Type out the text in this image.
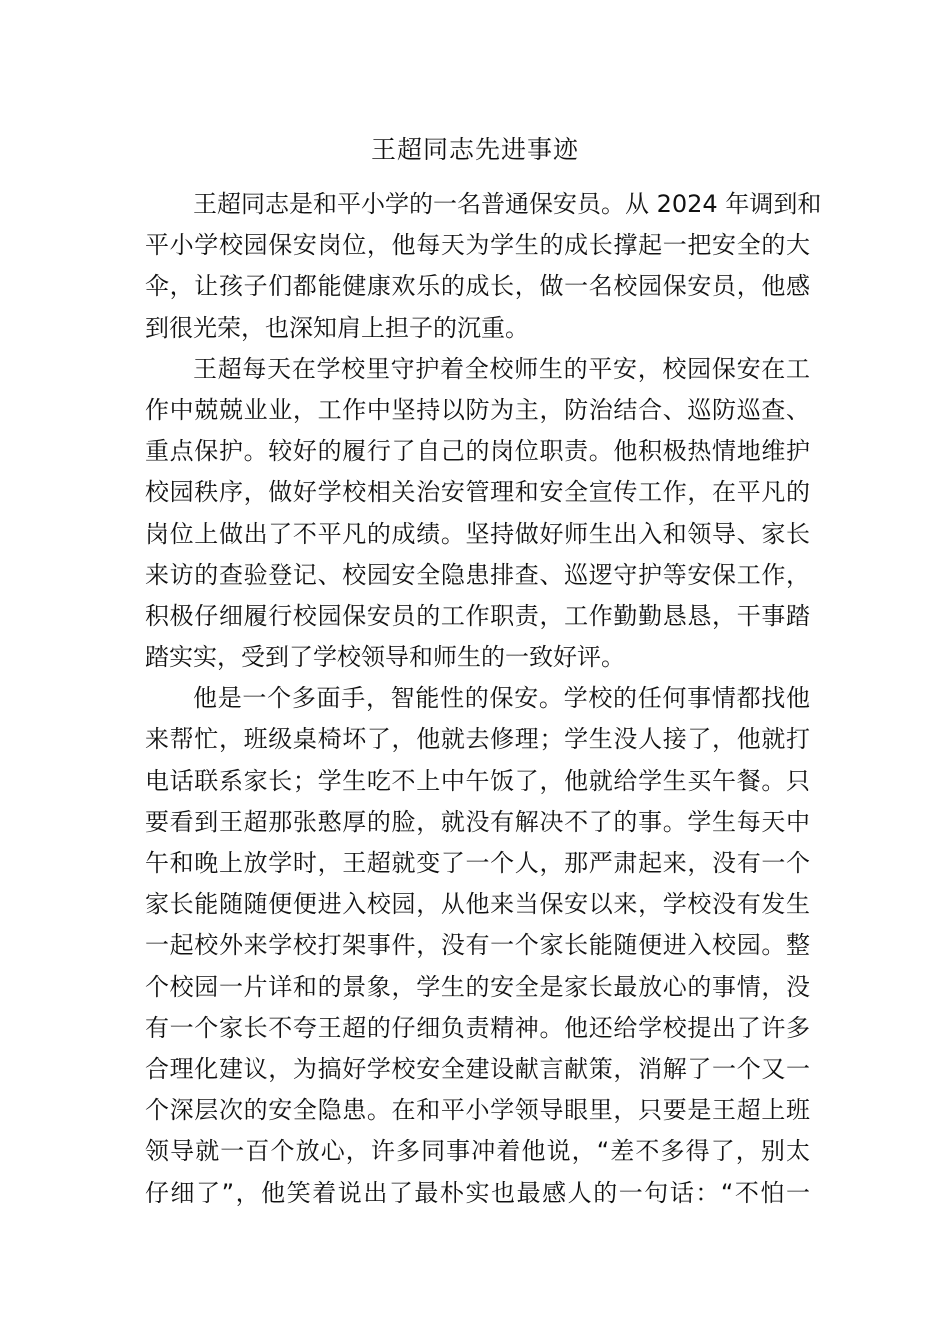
王超同志先进事迹
王超同志是和平小学的一名普通保安员。从 2024 年调到和
平小学校园保安岗位，他每天为学生的成长撑起一把安全的大
伞，让孩子们都能健康欢乐的成长，做一名校园保安员，他感
到很光荣，也深知肩上担子的沉重。
王超每天在学校里守护着全校师生的平安，校园保安在工
作中兢兢业业，工作中坚持以防为主，防治结合、巡防巡查、
重点保护。较好的履行了自己的岗位职责。他积极热情地维护
校园秩序，做好学校相关治安管理和安全宣传工作，在平凡的
岗位上做出了不平凡的成绩。坚持做好师生出入和领导、家长
来访的查验登记、校园安全隐患排查、巡逻守护等安保工作，
积极仔细履行校园保安员的工作职责，工作勤勤恳恳，干事踏
踏实实，受到了学校领导和师生的一致好评。
他是一个多面手，智能性的保安。学校的任何事情都找他
来帮忙，班级桌椅坏了，他就去修理；学生没人接了，他就打
电话联系家长；学生吃不上中午饭了，他就给学生买午餐。只
要看到王超那张憨厚的脸，就没有解决不了的事。学生每天中
午和晚上放学时，王超就变了一个人，那严肃起来，没有一个
家长能随随便便进入校园，从他来当保安以来，学校没有发生
一起校外来学校打架事件，没有一个家长能随便进入校园。整
个校园一片详和的景象，学生的安全是家长最放心的事情，没
有一个家长不夸王超的仔细负责精神。他还给学校提出了许多
合理化建议，为搞好学校安全建设献言献策，消解了一个又一
个深层次的安全隐患。在和平小学领导眼里，只要是王超上班
领导就一百个放心，许多同事冲着他说，“差不多得了，别太
仔细了”，他笑着说出了最朴实也最感人的一句话：“不怕一
